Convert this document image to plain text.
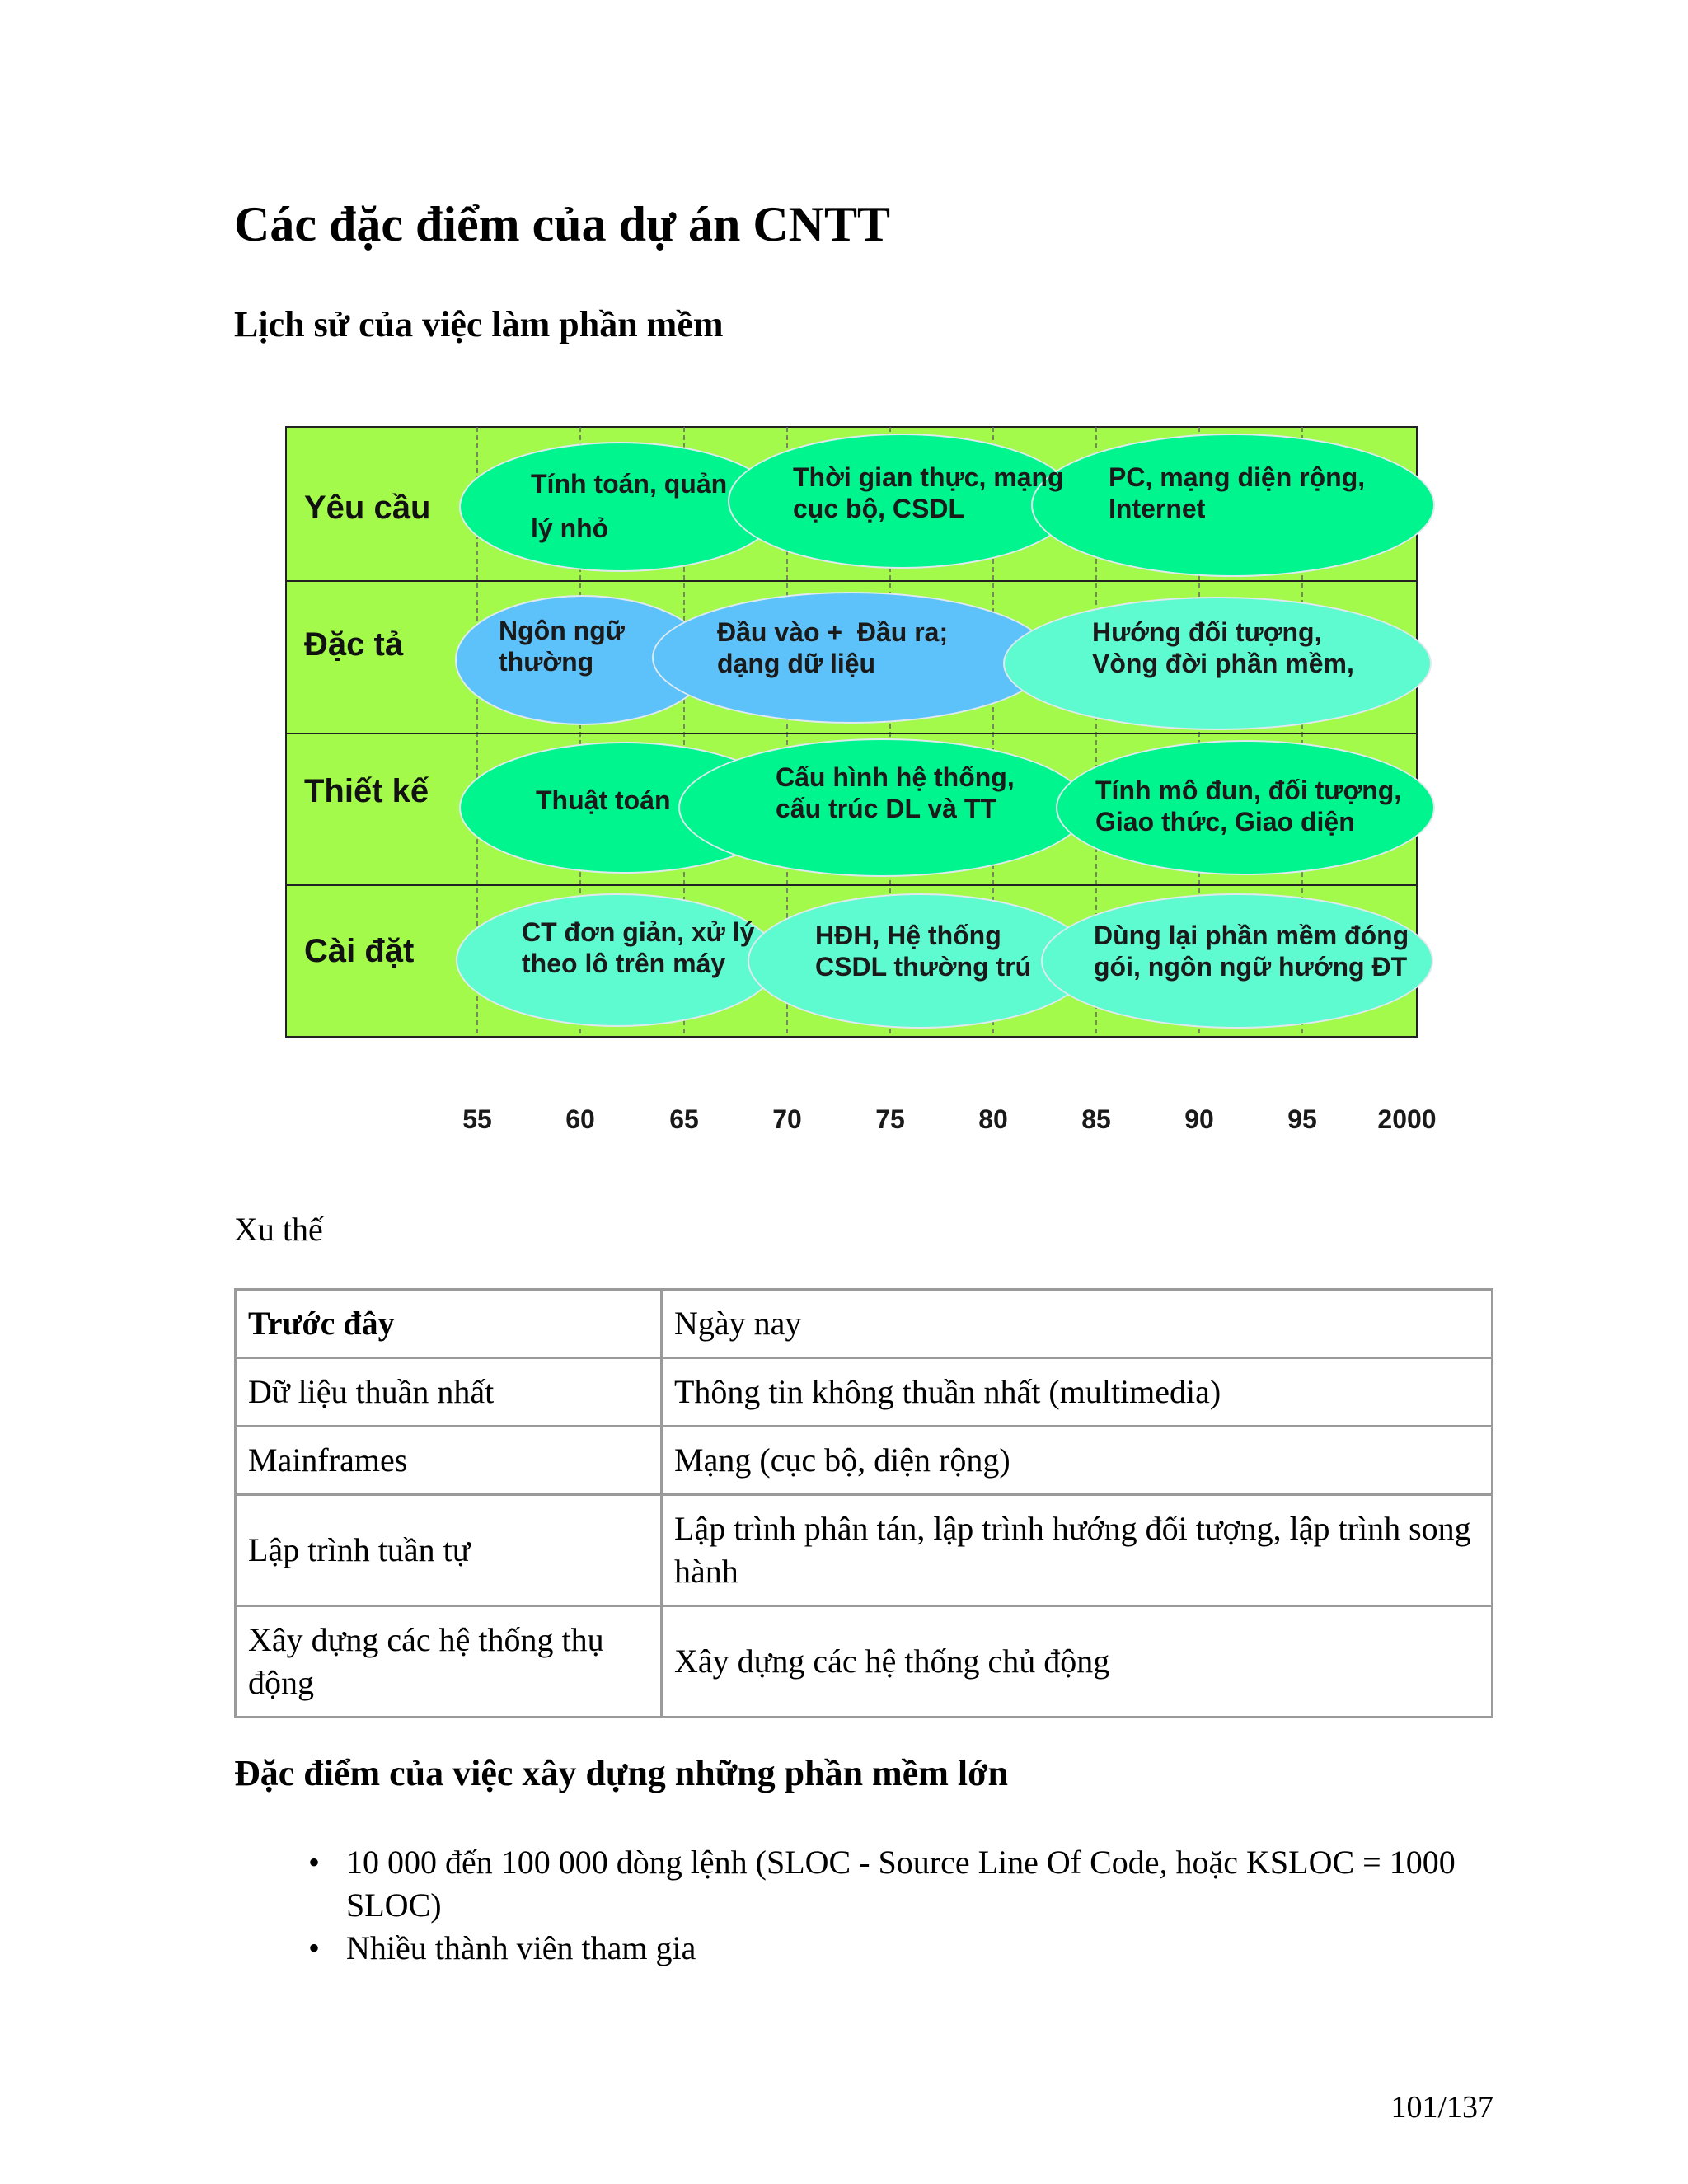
Các đặc điểm của dự án CNTT
Lịch sử của việc làm phần mềm
Yêu cầu
Đặc tả
Thiết kế
Cài đặt
Tính toán, quản
lý nhỏ
Thời gian thực, mạng
cục bộ, CSDL
PC, mạng diện rộng,
Internet
Ngôn ngữ
thường
Đầu vào +  Đầu ra;
dạng dữ liệu
Hướng đối tượng,
Vòng đời phần mềm,
Thuật toán
Cấu hình hệ thống,
cấu trúc DL và TT
Tính mô đun, đối tượng,
Giao thức, Giao diện
CT đơn giản, xử lý
theo lô trên máy
HĐH, Hệ thống
CSDL thường trú
Dùng lại phần mềm đóng
gói, ngôn ngữ hướng ĐT
55	60	65	70	75	80	85	90	95 2000
Xu thế
Trước đây	Ngày nay
Dữ liệu thuần nhất	Thông tin không thuần nhất (multimedia)
Mainframes	Mạng (cục bộ, diện rộng)
Lập trình tuần tự	Lập trình phân tán, lập trình hướng đối tượng, lập trình song hành
Xây dựng các hệ thống thụ động	Xây dựng các hệ thống chủ động
Đặc điểm của việc xây dựng những phần mềm lớn
• 10 000 đến 100 000 dòng lệnh (SLOC - Source Line Of Code, hoặc KSLOC = 1000 SLOC)
• Nhiều thành viên tham gia
101/137
